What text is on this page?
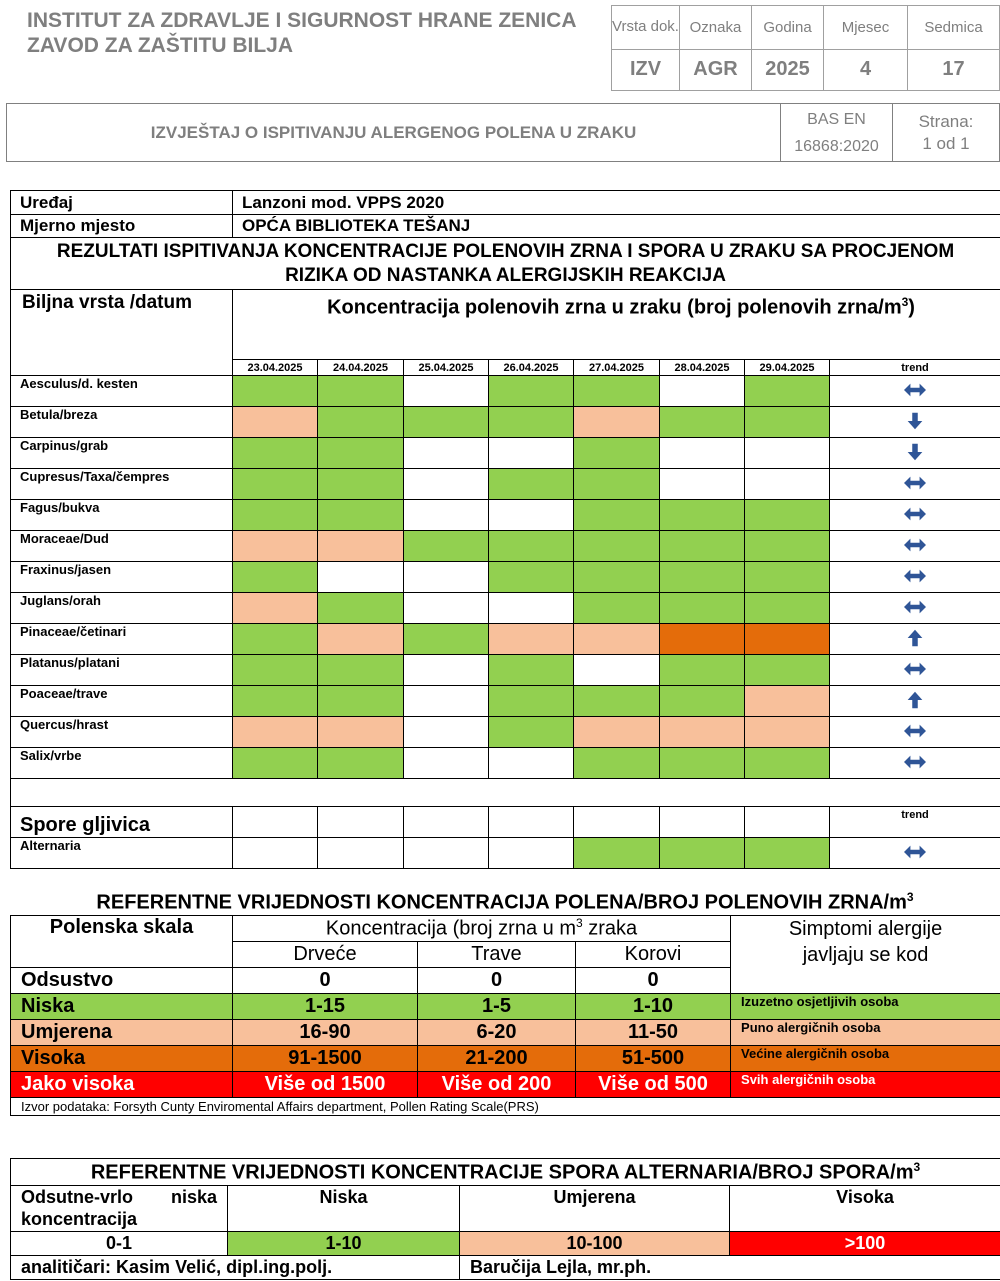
INSTITUT ZA ZDRAVLJE I SIGURNOST HRANE ZENICA
ZAVOD ZA ZAŠTITU BILJA
Vrsta dok.	Oznaka	Godina	Mjesec	Sedmica
IZV	AGR	2025	4	17
IZVJEŠTAJ O ISPITIVANJU ALERGENOG POLENA U ZRAKU	
BAS EN
16868:2020

Strana:
1 od 1
Uređaj	Lanzoni mod. VPPS 2020							
Mjerno mjesto	OPĆA BIBLIOTEKA TEŠANJ							
REZULTATI ISPITIVANJA KONCENTRACIJE POLENOVIH ZRNA I SPORA U ZRAKU SA PROCJENOM RIZIKA OD NASTANKA ALERGIJSKIH REAKCIJA								
Biljna vrsta /datum	Koncentracija polenovih zrna u zraku (broj polenovih zrna/$m^3$)							
	23.04.2025	24.04.2025	25.04.2025	26.04.2025	27.04.2025	28.04.2025	29.04.2025	trend
Aesculus/d. kesten								
Betula/breza								
Carpinus/grab								
Cupresus/Taxa/čempres								
Fagus/bukva								
Moraceae/Dud								
Fraxinus/jasen								
Juglans/orah								
Pinaceae/četinari								
Platanus/platani								
Poaceae/trave								
Quercus/hrast								
Salix/vrbe								

Spore gljivica								trend
Alternaria								
REFERENTNE VRIJEDNOSTI KONCENTRACIJA POLENA/BROJ POLENOVIH ZRNA/$m^3$
Polenska skala	Koncentracija (broj zrna u $m^3$ zraka			Simptomi alergije javljaju se kod
	Drveće	Trave	Korovi	
Odsustvo	0	0	0	
Niska	1-15	1-5	1-10	Izuzetno osjetljivih osoba
Umjerena	16-90	6-20	11-50	Puno alergičnih osoba
Visoka	91-1500	21-200	51-500	Većine alergičnih osoba
Jako visoka	Više od 1500	Više od 200	Više od 500	Svih alergičnih osoba
Izvor podataka: Forsyth Cunty Enviromental Affairs department, Pollen Rating Scale(PRS)				
REFERENTNE VRIJEDNOSTI KONCENTRACIJE SPORA ALTERNARIA/BROJ SPORA/$m^3$
Odsutne-vrlo niska koncentracija	Niska	Umjerena	Visoka
0-1	1-10	10-100	>100
analitičari: Kasim Velić, dipl.ing.polj.		Baručija Lejla, mr.ph.	
